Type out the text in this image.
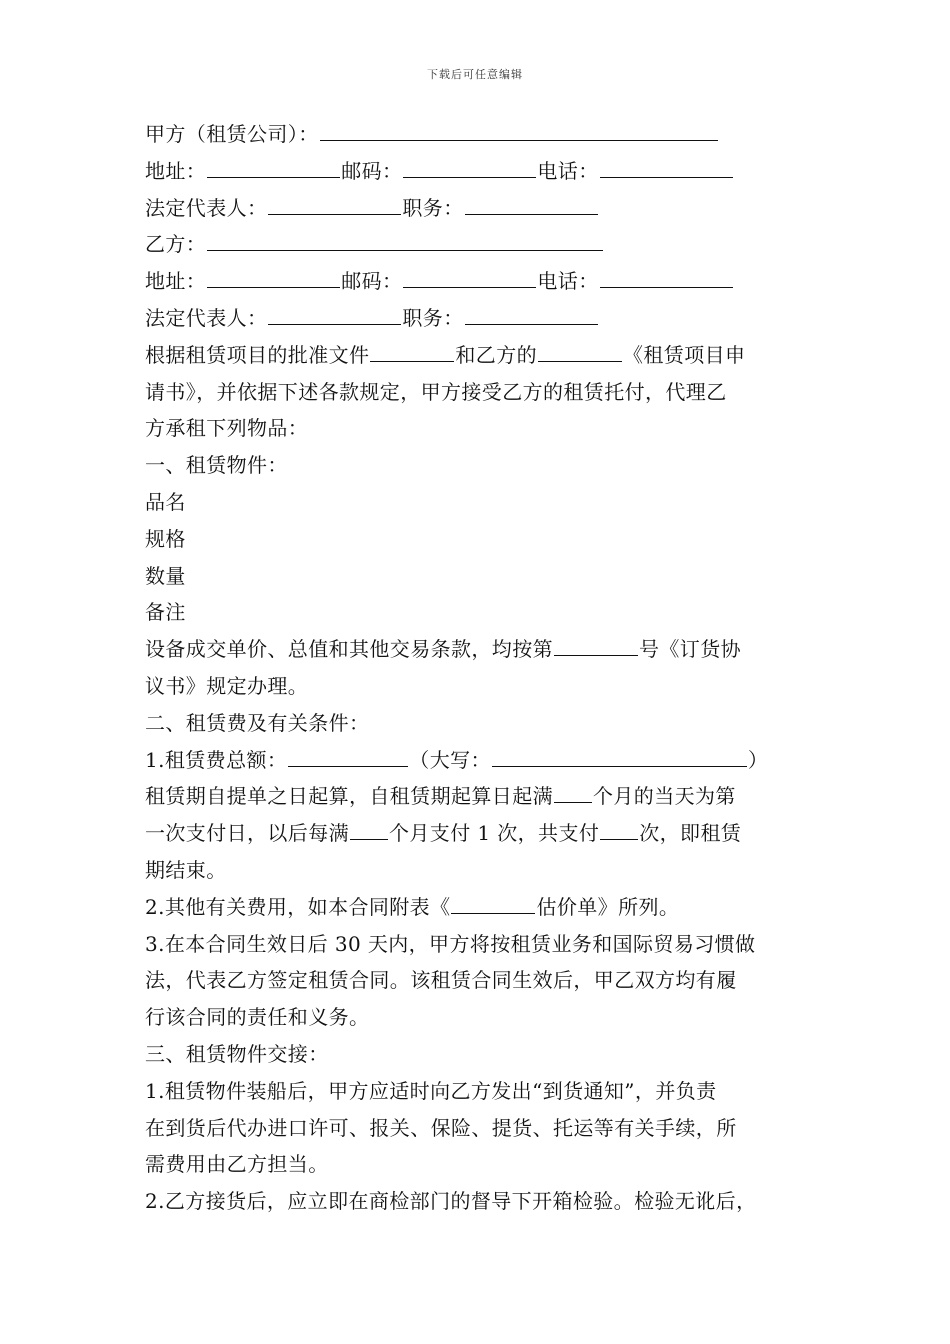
下载后可任意编辑
甲方（租赁公司）：
地址：	邮码：	电话：
法定代表人：	职务：
乙方：
地址：	邮码：	电话：
法定代表人：	职务：
根据租赁项目的批准文件	和乙方的	《租赁项目申
请书》，并依据下述各款规定，甲方接受乙方的租赁托付，代理乙
方承租下列物品：
一、租赁物件：
品名
规格
数量
备注
设备成交单价、总值和其他交易条款，均按第	号《订货协
议书》规定办理。
二、租赁费及有关条件：
1.租赁费总额：	（大写：	）
租赁期自提单之日起算，自租赁期起算日起满 个月的当天为第
一次支付日，以后每满 个月支付 1 次，共支付 次，即租赁
期结束。
2.其他有关费用，如本合同附表《	估价单》所列。
3.在本合同生效日后 30 天内，甲方将按租赁业务和国际贸易习惯做
法，代表乙方签定租赁合同。该租赁合同生效后，甲乙双方均有履
行该合同的责任和义务。
三、租赁物件交接：
1.租赁物件装船后，甲方应适时向乙方发出“到货通知”，并负责
在到货后代办进口许可、报关、保险、提货、托运等有关手续，所
需费用由乙方担当。
2.乙方接货后，应立即在商检部门的督导下开箱检验。检验无讹后，
